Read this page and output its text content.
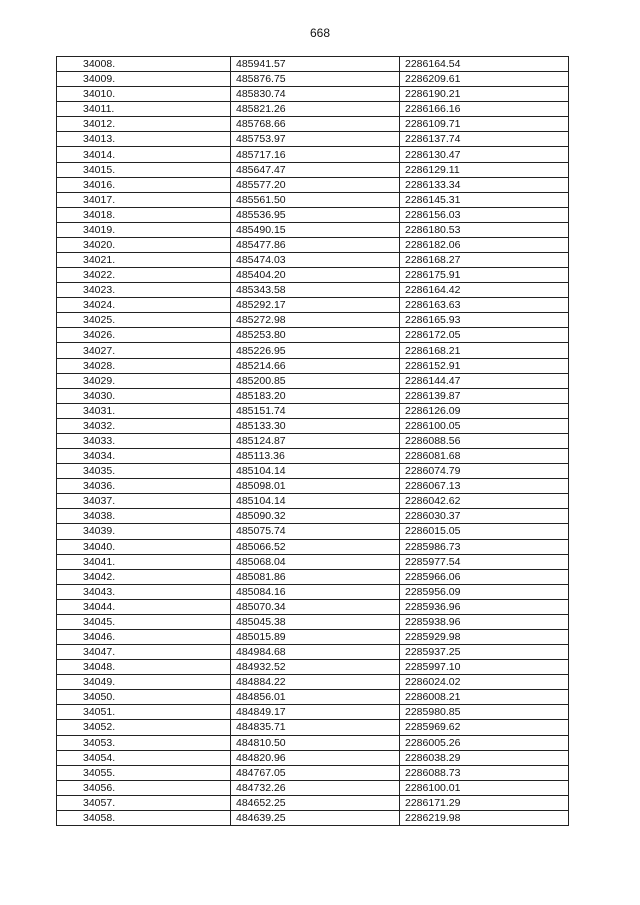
668
34008.	485941.57	2286164.54
34009.	485876.75	2286209.61
34010.	485830.74	2286190.21
34011.	485821.26	2286166.16
34012.	485768.66	2286109.71
34013.	485753.97	2286137.74
34014.	485717.16	2286130.47
34015.	485647.47	2286129.11
34016.	485577.20	2286133.34
34017.	485561.50	2286145.31
34018.	485536.95	2286156.03
34019.	485490.15	2286180.53
34020.	485477.86	2286182.06
34021.	485474.03	2286168.27
34022.	485404.20	2286175.91
34023.	485343.58	2286164.42
34024.	485292.17	2286163.63
34025.	485272.98	2286165.93
34026.	485253.80	2286172.05
34027.	485226.95	2286168.21
34028.	485214.66	2286152.91
34029.	485200.85	2286144.47
34030.	485183.20	2286139.87
34031.	485151.74	2286126.09
34032.	485133.30	2286100.05
34033.	485124.87	2286088.56
34034.	485113.36	2286081.68
34035.	485104.14	2286074.79
34036.	485098.01	2286067.13
34037.	485104.14	2286042.62
34038.	485090.32	2286030.37
34039.	485075.74	2286015.05
34040.	485066.52	2285986.73
34041.	485068.04	2285977.54
34042.	485081.86	2285966.06
34043.	485084.16	2285956.09
34044.	485070.34	2285936.96
34045.	485045.38	2285938.96
34046.	485015.89	2285929.98
34047.	484984.68	2285937.25
34048.	484932.52	2285997.10
34049.	484884.22	2286024.02
34050.	484856.01	2286008.21
34051.	484849.17	2285980.85
34052.	484835.71	2285969.62
34053.	484810.50	2286005.26
34054.	484820.96	2286038.29
34055.	484767.05	2286088.73
34056.	484732.26	2286100.01
34057.	484652.25	2286171.29
34058.	484639.25	2286219.98
